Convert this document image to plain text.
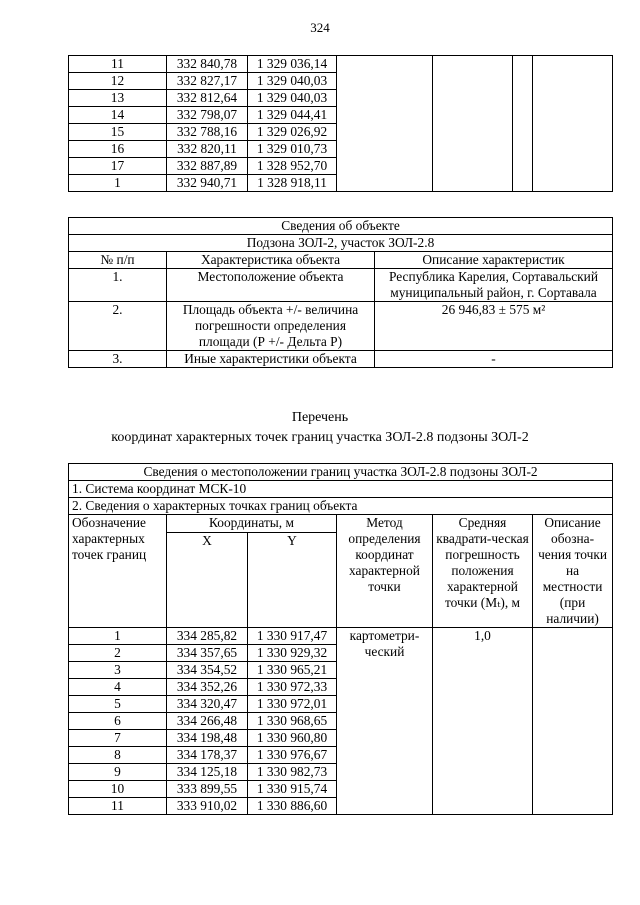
324
11	332 840,78	1 329 036,14				
12	332 827,17	1 329 040,03				
13	332 812,64	1 329 040,03				
14	332 798,07	1 329 044,41				
15	332 788,16	1 329 026,92				
16	332 820,11	1 329 010,73				
17	332 887,89	1 328 952,70				
1	332 940,71	1 328 918,11				
Сведения об объекте		
Подзона ЗОЛ-2, участок ЗОЛ-2.8		
№ п/п	Характеристика объекта	Описание характеристик
1.	Местоположение объекта	Республика Карелия, Сортавальский муниципальный район, г. Сортавала
2.	Площадь объекта +/- величина погрешности определения площади (Р +/- Дельта Р)	26 946,83 ± 575 м²
3.	Иные характеристики объекта	-
Перечень
координат характерных точек границ участка ЗОЛ-2.8 подзоны ЗОЛ-2
Сведения о местоположении границ участка ЗОЛ-2.8 подзоны ЗОЛ-2					
1. Система координат МСК-10					
2. Сведения о характерных точках границ объекта					
Обозначение характерных точек границ	Координаты, м		Метод определения координат характерной точки	Средняя квадрати-ческая погрешность положения характерной точки (Mₜ), м	Описание обозна-чения точки на местности (при наличии)
	X	Y			
1	334 285,82	1 330 917,47	картометри-ческий	1,0	
2	334 357,65	1 330 929,32			
3	334 354,52	1 330 965,21			
4	334 352,26	1 330 972,33			
5	334 320,47	1 330 972,01			
6	334 266,48	1 330 968,65			
7	334 198,48	1 330 960,80			
8	334 178,37	1 330 976,67			
9	334 125,18	1 330 982,73			
10	333 899,55	1 330 915,74			
11	333 910,02	1 330 886,60			
